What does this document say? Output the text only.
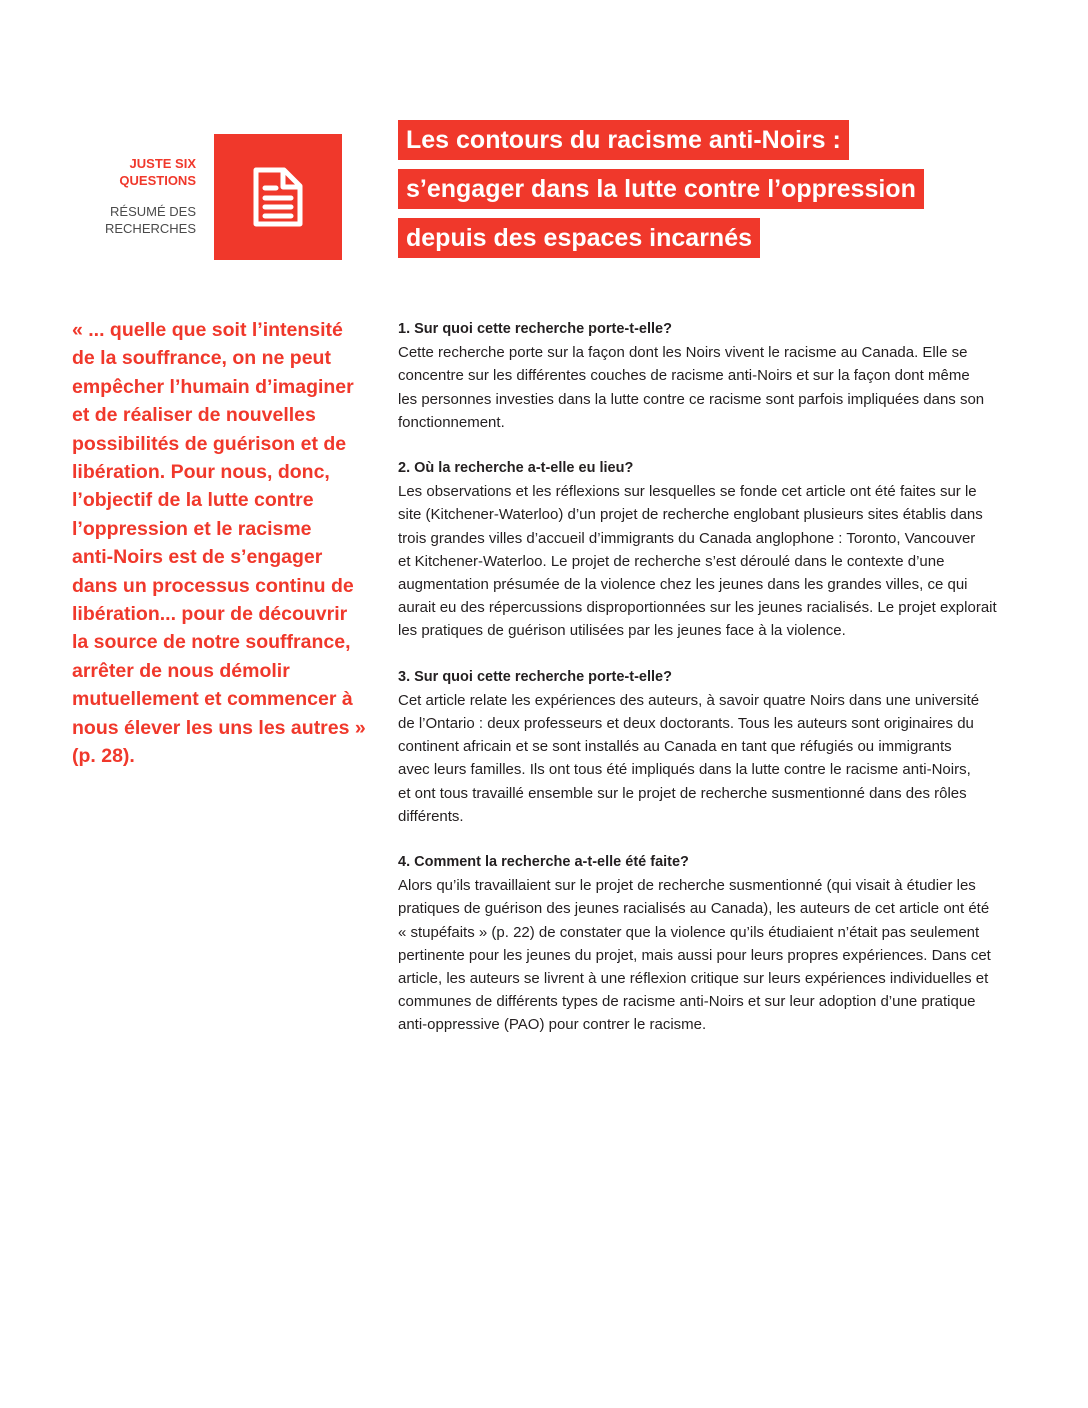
JUSTE SIX
QUESTIONS
RÉSUMÉ DES
RECHERCHES
Les contours du racisme anti-Noirs :
s’engager dans la lutte contre l’oppression
depuis des espaces incarnés
« ... quelle que soit l’intensité
de la souffrance, on ne peut
empêcher l’humain d’imaginer
et de réaliser de nouvelles
possibilités de guérison et de
libération. Pour nous, donc,
l’objectif de la lutte contre
l’oppression et le racisme
anti-Noirs est de s’engager
dans un processus continu de
libération... pour de découvrir
la source de notre souffrance,
arrêter de nous démolir
mutuellement et commencer à
nous élever les uns les autres »
(p. 28).
1. Sur quoi cette recherche porte-t-elle?
Cette recherche porte sur la façon dont les Noirs vivent le racisme au Canada. Elle se
concentre sur les différentes couches de racisme anti-Noirs et sur la façon dont même
les personnes investies dans la lutte contre ce racisme sont parfois impliquées dans son
fonctionnement.
2. Où la recherche a-t-elle eu lieu?
Les observations et les réflexions sur lesquelles se fonde cet article ont été faites sur le
site (Kitchener-Waterloo) d’un projet de recherche englobant plusieurs sites établis dans
trois grandes villes d’accueil d’immigrants du Canada anglophone : Toronto, Vancouver
et Kitchener-Waterloo. Le projet de recherche s’est déroulé dans le contexte d’une
augmentation présumée de la violence chez les jeunes dans les grandes villes, ce qui
aurait eu des répercussions disproportionnées sur les jeunes racialisés. Le projet explorait
les pratiques de guérison utilisées par les jeunes face à la violence.
3. Sur quoi cette recherche porte-t-elle?
Cet article relate les expériences des auteurs, à savoir quatre Noirs dans une université
de l’Ontario : deux professeurs et deux doctorants. Tous les auteurs sont originaires du
continent africain et se sont installés au Canada en tant que réfugiés ou immigrants
avec leurs familles. Ils ont tous été impliqués dans la lutte contre le racisme anti-Noirs,
et ont tous travaillé ensemble sur le projet de recherche susmentionné dans des rôles
différents.
4. Comment la recherche a-t-elle été faite?
Alors qu’ils travaillaient sur le projet de recherche susmentionné (qui visait à étudier les
pratiques de guérison des jeunes racialisés au Canada), les auteurs de cet article ont été
« stupéfaits » (p. 22) de constater que la violence qu’ils étudiaient n’était pas seulement
pertinente pour les jeunes du projet, mais aussi pour leurs propres expériences. Dans cet
article, les auteurs se livrent à une réflexion critique sur leurs expériences individuelles et
communes de différents types de racisme anti-Noirs et sur leur adoption d’une pratique
anti-oppressive (PAO) pour contrer le racisme.
